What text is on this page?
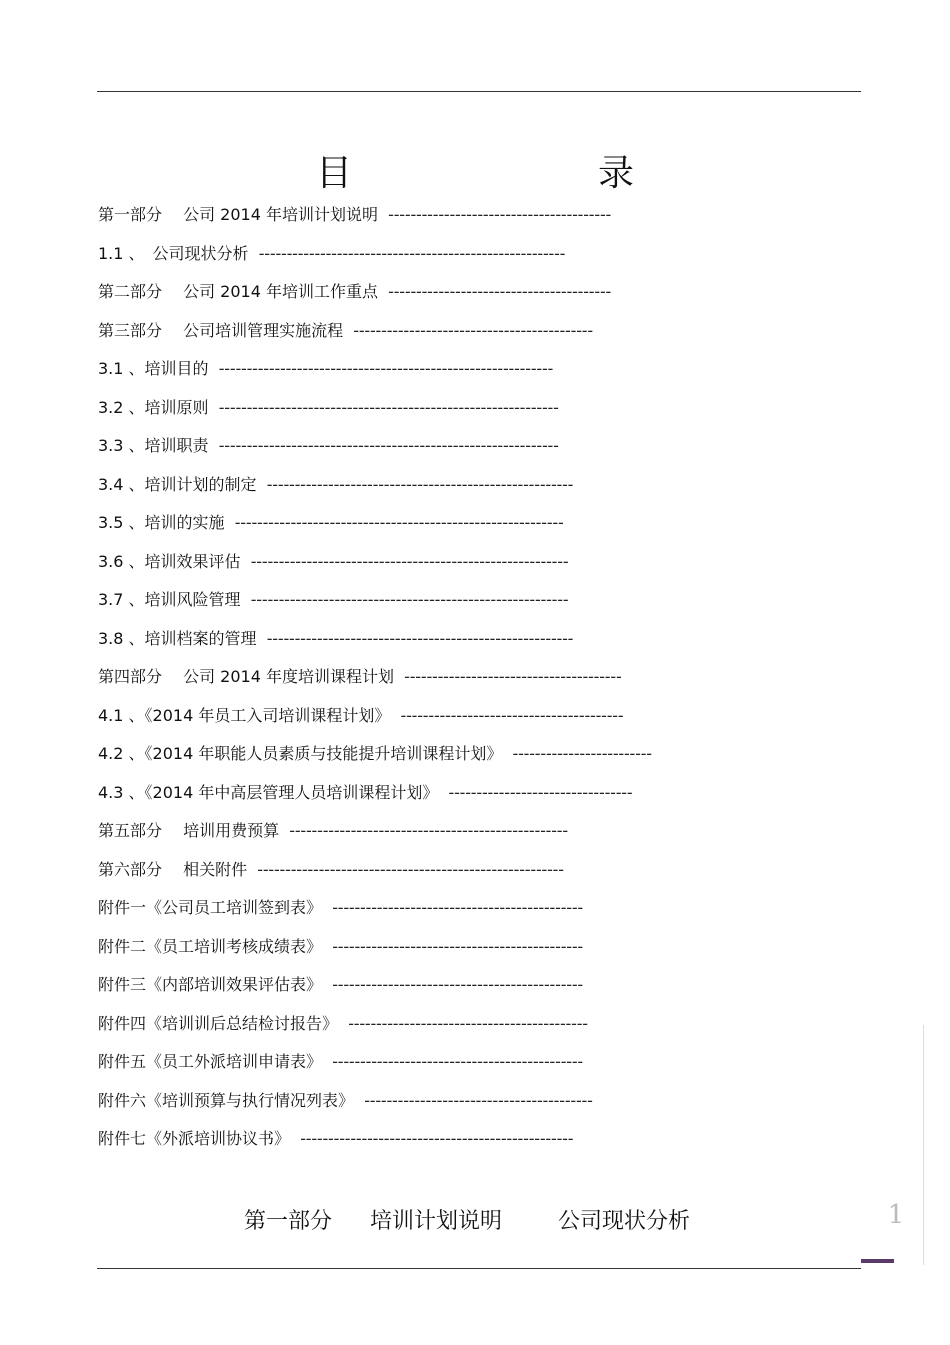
目　　录
第一部分　 公司 2014 年培训计划说明
----------------------------------------
1.1 、　公司现状分析
-------------------------------------------------------
第二部分　 公司 2014 年培训工作重点
----------------------------------------
第三部分　 公司培训管理实施流程
-------------------------------------------
3.1 、培训目的
------------------------------------------------------------
3.2 、培训原则
-------------------------------------------------------------
3.3 、培训职责
-------------------------------------------------------------
3.4 、培训计划的制定
-------------------------------------------------------
3.5 、培训的实施
-----------------------------------------------------------
3.6 、培训效果评估
---------------------------------------------------------
3.7 、培训风险管理
---------------------------------------------------------
3.8 、培训档案的管理
-------------------------------------------------------
第四部分　 公司 2014 年度培训课程计划
---------------------------------------
4.1 、《2014 年员工入司培训课程计划》
----------------------------------------
4.2 、《2014 年职能人员素质与技能提升培训课程计划》
-------------------------
4.3 、《2014 年中高层管理人员培训课程计划》
---------------------------------
第五部分　 培训用费预算
--------------------------------------------------
第六部分　 相关附件
-------------------------------------------------------
附件一《公司员工培训签到表》
---------------------------------------------
附件二《员工培训考核成绩表》
---------------------------------------------
附件三《内部培训效果评估表》
---------------------------------------------
附件四《培训训后总结检讨报告》
-------------------------------------------
附件五《员工外派培训申请表》
---------------------------------------------
附件六《培训预算与执行情况列表》
-----------------------------------------
附件七《外派培训协议书》
-------------------------------------------------
第一部分 培训计划说明	公司现状分析	1
